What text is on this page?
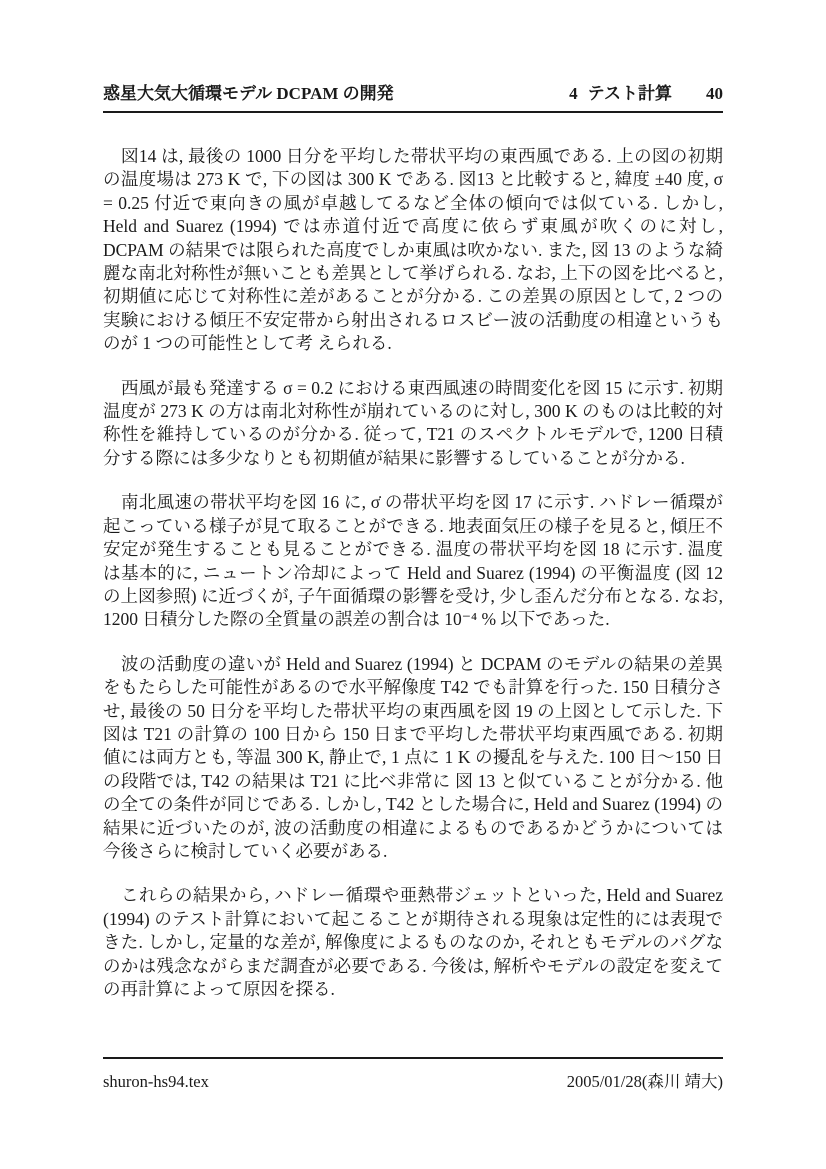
惑星大気大循環モデル DCPAM の開発	4 テスト計算 40

図14 は, 最後の 1000 日分を平均した帯状平均の東西風である. 上の図の初期の温度場は 273 K で, 下の図は 300 K である. 図13 と比較すると, 緯度 ±40 度, σ = 0.25 付近で東向きの風が卓越してるなど全体の傾向では似ている. しかし, Held and Suarez (1994) では赤道付近で高度に依らず東風が吹くのに対し, DCPAM の結果では限られた高度でしか東風は吹かない. また, 図 13 のような綺麗な南北対称性が無いことも差異として挙げられる. なお, 上下の図を比べると, 初期値に応じて対称性に差があることが分かる. この差異の原因として, 2 つの実験における傾圧不安定帯から射出されるロスビー波の活動度の相違というものが 1 つの可能性として考 えられる.

西風が最も発達する σ = 0.2 における東西風速の時間変化を図 15 に示す. 初期温度が 273 K の方は南北対称性が崩れているのに対し, 300 K のものは比較的対称性を維持しているのが分かる. 従って, T21 のスペクトルモデルで, 1200 日積分する際には多少なりとも初期値が結果に影響するしていることが分かる.

南北風速の帯状平均を図 16 に, σ̇ の帯状平均を図 17 に示す. ハドレー循環が起こっている様子が見て取ることができる. 地表面気圧の様子を見ると, 傾圧不安定が発生することも見ることができる. 温度の帯状平均を図 18 に示す. 温度は基本的に, ニュートン冷却によって Held and Suarez (1994) の平衡温度 (図 12 の上図参照) に近づくが, 子午面循環の影響を受け, 少し歪んだ分布となる. なお, 1200 日積分した際の全質量の誤差の割合は 10⁻⁴ % 以下であった.

波の活動度の違いが Held and Suarez (1994) と DCPAM のモデルの結果の差異をもたらした可能性があるので水平解像度 T42 でも計算を行った. 150 日積分させ, 最後の 50 日分を平均した帯状平均の東西風を図 19 の上図として示した. 下図は T21 の計算の 100 日から 150 日まで平均した帯状平均東西風である. 初期値には両方とも, 等温 300 K, 静止で, 1 点に 1 K の擾乱を与えた. 100 日〜150 日の段階では, T42 の結果は T21 に比べ非常に 図 13 と似ていることが分かる. 他の全ての条件が同じである. しかし, T42 とした場合に, Held and Suarez (1994) の結果に近づいたのが, 波の活動度の相違によるものであるかどうかについては今後さらに検討していく必要がある.

これらの結果から, ハドレー循環や亜熱帯ジェットといった, Held and Suarez (1994) のテスト計算において起こることが期待される現象は定性的には表現できた. しかし, 定量的な差が, 解像度によるものなのか, それともモデルのバグなのかは残念ながらまだ調査が必要である. 今後は, 解析やモデルの設定を変えての再計算によって原因を探る.

shuron-hs94.tex	2005/01/28(森川 靖大)
